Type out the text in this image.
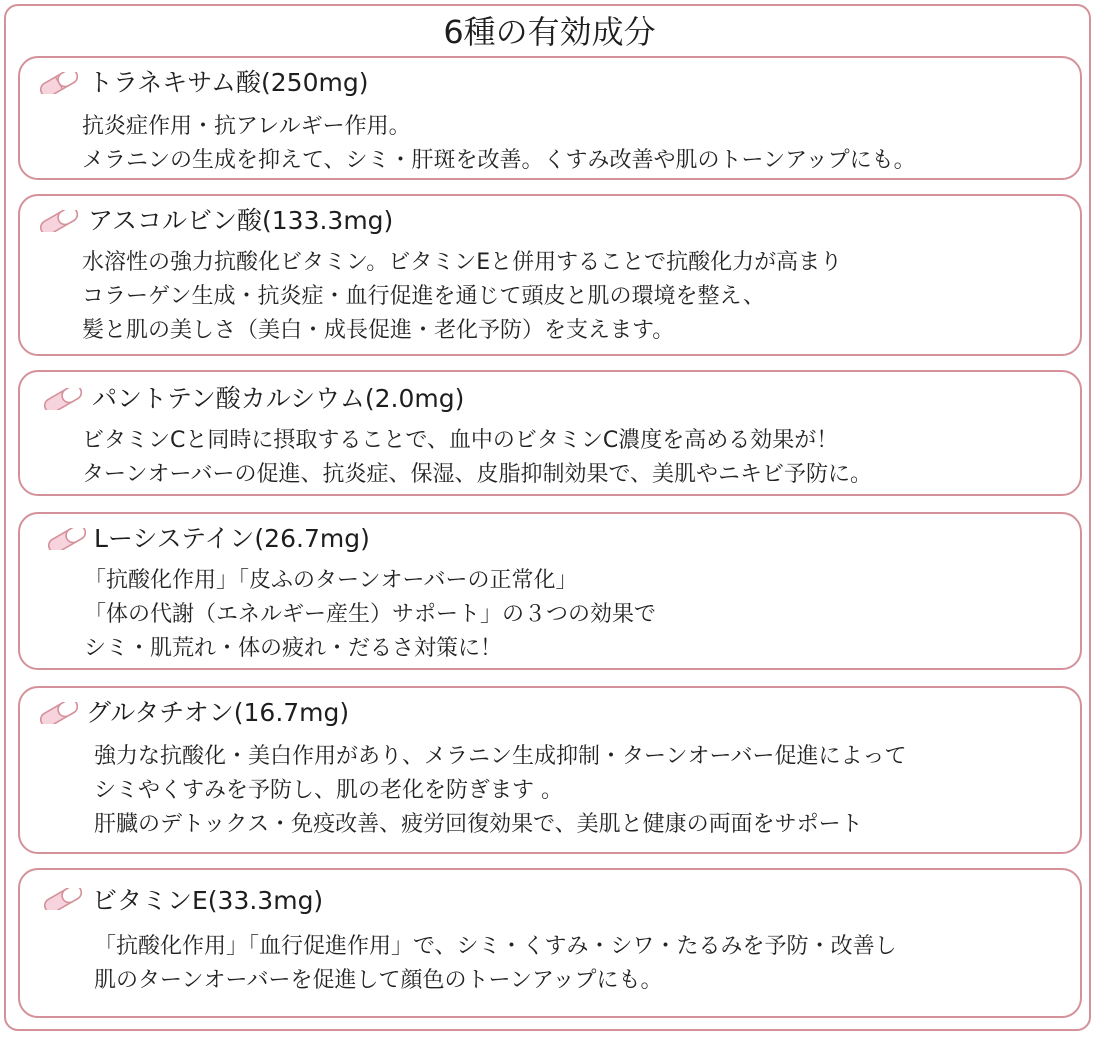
6種の有効成分
トラネキサム酸(250mg)
抗炎症作用・抗アレルギー作用。
メラニンの生成を抑えて、シミ・肝斑を改善。くすみ改善や肌のトーンアップにも。
アスコルビン酸(133.3mg)
水溶性の強力抗酸化ビタミン。ビタミンEと併用することで抗酸化力が高まり
コラーゲン生成・抗炎症・血行促進を通じて頭皮と肌の環境を整え、
髪と肌の美しさ（美白・成長促進・老化予防）を支えます。
パントテン酸カルシウム(2.0mg)
ビタミンCと同時に摂取することで、血中のビタミンC濃度を高める効果が！
ターンオーバーの促進、抗炎症、保湿、皮脂抑制効果で、美肌やニキビ予防に。
Lーシステイン(26.7mg)
「抗酸化作用」「皮ふのターンオーバーの正常化」
「体の代謝（エネルギー産生）サポート」の３つの効果で
シミ・肌荒れ・体の疲れ・だるさ対策に！
グルタチオン(16.7mg)
強力な抗酸化・美白作用があり、メラニン生成抑制・ターンオーバー促進によって
シミやくすみを予防し、肌の老化を防ぎます 。
肝臓のデトックス・免疫改善、疲労回復効果で、美肌と健康の両面をサポート
ビタミンE(33.3mg)
「抗酸化作用」「血行促進作用」で、シミ・くすみ・シワ・たるみを予防・改善し
肌のターンオーバーを促進して顔色のトーンアップにも。
